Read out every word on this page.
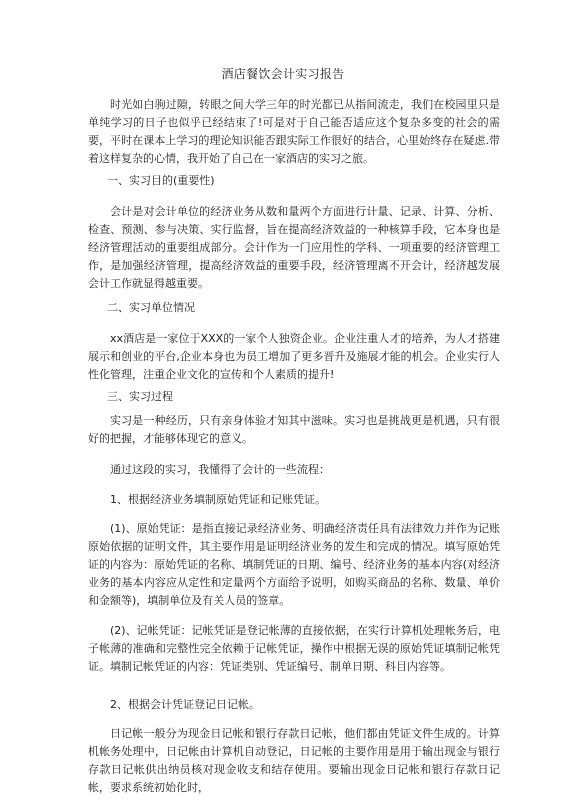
酒店餐饮会计实习报告

时光如白驹过隙，转眼之间大学三年的时光都已从指间流走，我们在校园里只是单纯学习的日子也似乎已经结束了!可是对于自己能否适应这个复杂多变的社会的需要，平时在课本上学习的理论知识能否跟实际工作很好的结合，心里始终存在疑虑.带着这样复杂的心情，我开始了自己在一家酒店的实习之旅。

一、实习目的(重要性)

会计是对会计单位的经济业务从数和量两个方面进行计量、记录、计算、分析、检查、预测、参与决策、实行监督，旨在提高经济效益的一种核算手段，它本身也是经济管理活动的重要组成部分。会计作为一门应用性的学科、一项重要的经济管理工作，是加强经济管理，提高经济效益的重要手段，经济管理离不开会计，经济越发展会计工作就显得越重要。

二、实习单位情况

xx酒店是一家位于XXX的一家个人独资企业。企业注重人才的培养，为人才搭建展示和创业的平台,企业本身也为员工增加了更多晋升及施展才能的机会。企业实行人性化管理，注重企业文化的宣传和个人素质的提升!

三、实习过程

实习是一种经历，只有亲身体验才知其中滋味。实习也是挑战更是机遇，只有很好的把握，才能够体现它的意义。

通过这段的实习，我懂得了会计的一些流程：

1、根据经济业务填制原始凭证和记账凭证。

(1)、原始凭证：是指直接记录经济业务、明确经济责任具有法律效力并作为记账原始依据的证明文件，其主要作用是证明经济业务的发生和完成的情况。填写原始凭证的内容为：原始凭证的名称、填制凭证的日期、编号、经济业务的基本内容(对经济业务的基本内容应从定性和定量两个方面给予说明，如购买商品的名称、数量、单价和金额等)，填制单位及有关人员的签章。

(2)、记帐凭证：记帐凭证是登记帐薄的直接依据，在实行计算机处理帐务后，电子帐薄的准确和完整性完全依赖于记帐凭证，操作中根据无误的原始凭证填制记帐凭证。填制记帐凭证的内容：凭证类别、凭证编号、制单日期、科目内容等。

2、根据会计凭证登记日记帐。

日记帐一般分为现金日记帐和银行存款日记帐，他们都由凭证文件生成的。计算机帐务处理中，日记帐由计算机自动登记，日记帐的主要作用是用于输出现金与银行存款日记帐供出纳员核对现金收支和结存使用。要输出现金日记帐和银行存款日记帐，要求系统初始化时，
